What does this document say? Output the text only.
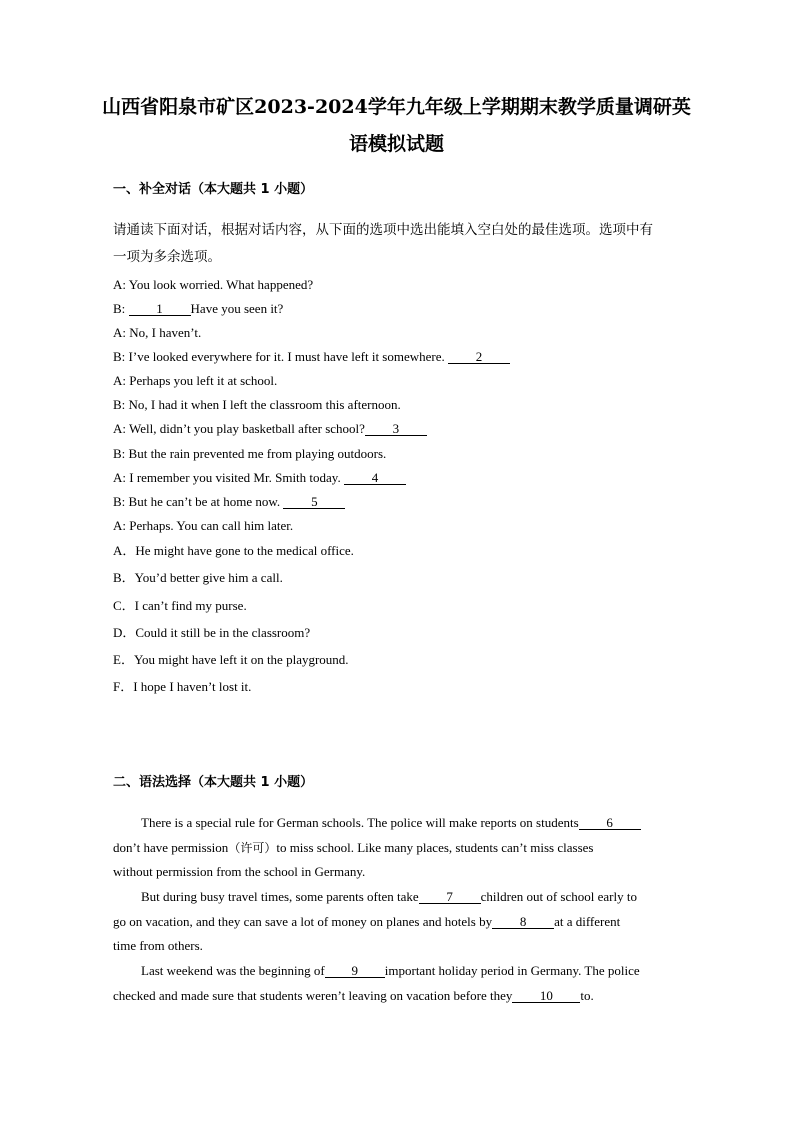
山西省阳泉市矿区2023-2024学年九年级上学期期末教学质量调研英
语模拟试题
一、补全对话（本大题共 1 小题）
请通读下面对话，根据对话内容，从下面的选项中选出能填入空白处的最佳选项。选项中有
一项为多余选项。
A: You look worried. What happened?
B: 1 Have you seen it?
A: No, I haven’t.
B: I’ve looked everywhere for it. I must have left it somewhere. 2
A: Perhaps you left it at school.
B: No, I had it when I left the classroom this afternoon.
A: Well, didn’t you play basketball after school? 3
B: But the rain prevented me from playing outdoors.
A: I remember you visited Mr. Smith today. 4
B: But he can’t be at home now. 5
A: Perhaps. You can call him later.
A．He might have gone to the medical office.
B．You’d better give him a call.
C．I can’t find my purse.
D．Could it still be in the classroom?
E．You might have left it on the playground.
F．I hope I haven’t lost it.
二、语法选择（本大题共 1 小题）
There is a special rule for German schools. The police will make reports on students 6
don’t have permission（许可）to miss school. Like many places, students can’t miss classes
without permission from the school in Germany.
But during busy travel times, some parents often take 7 children out of school early to
go on vacation, and they can save a lot of money on planes and hotels by 8 at a different
time from others.
Last weekend was the beginning of 9 important holiday period in Germany. The police
checked and made sure that students weren’t leaving on vacation before they 10 to.
